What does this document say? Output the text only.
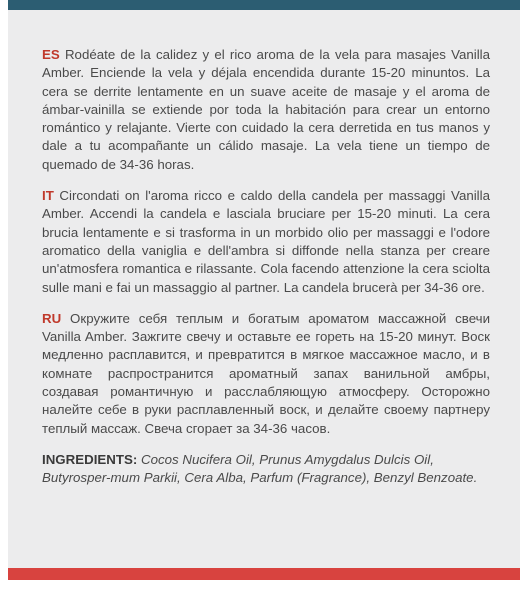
ES Rodéate de la calidez y el rico aroma de la vela para masajes Vanilla Amber. Enciende la vela y déjala encendida durante 15-20 minuntos. La cera se derrite lentamente en un suave aceite de masaje y el aroma de ámbar-vainilla se extiende por toda la habitación para crear un entorno romántico y relajante. Vierte con cuidado la cera derretida en tus manos y dale a tu acompañante un cálido masaje. La vela tiene un tiempo de quemado de 34-36 horas.

IT Circondati on l'aroma ricco e caldo della candela per massaggi Vanilla Amber. Accendi la candela e lasciala bruciare per 15-20 minuti. La cera brucia lentamente e si trasforma in un morbido olio per massaggi e l'odore aromatico della vaniglia e dell'ambra si diffonde nella stanza per creare un'atmosfera romantica e rilassante. Cola facendo attenzione la cera sciolta sulle mani e fai un massaggio al partner. La candela brucerà per 34-36 ore.

RU Окружите себя теплым и богатым ароматом массажной свечи Vanilla Amber. Зажгите свечу и оставьте ее гореть на 15-20 минут. Воск медленно расплавится, и превратится в мягкое массажное масло, и в комнате распространится ароматный запах ванильной амбры, создавая романтичную и расслабляющую атмосферу. Осторожно налейте себе в руки расплавленный воск, и делайте своему партнеру теплый массаж. Свеча сгорает за 34-36 часов.

INGREDIENTS: Cocos Nucifera Oil, Prunus Amygdalus Dulcis Oil, Butyrosper-mum Parkii, Cera Alba, Parfum (Fragrance), Benzyl Benzoate.
